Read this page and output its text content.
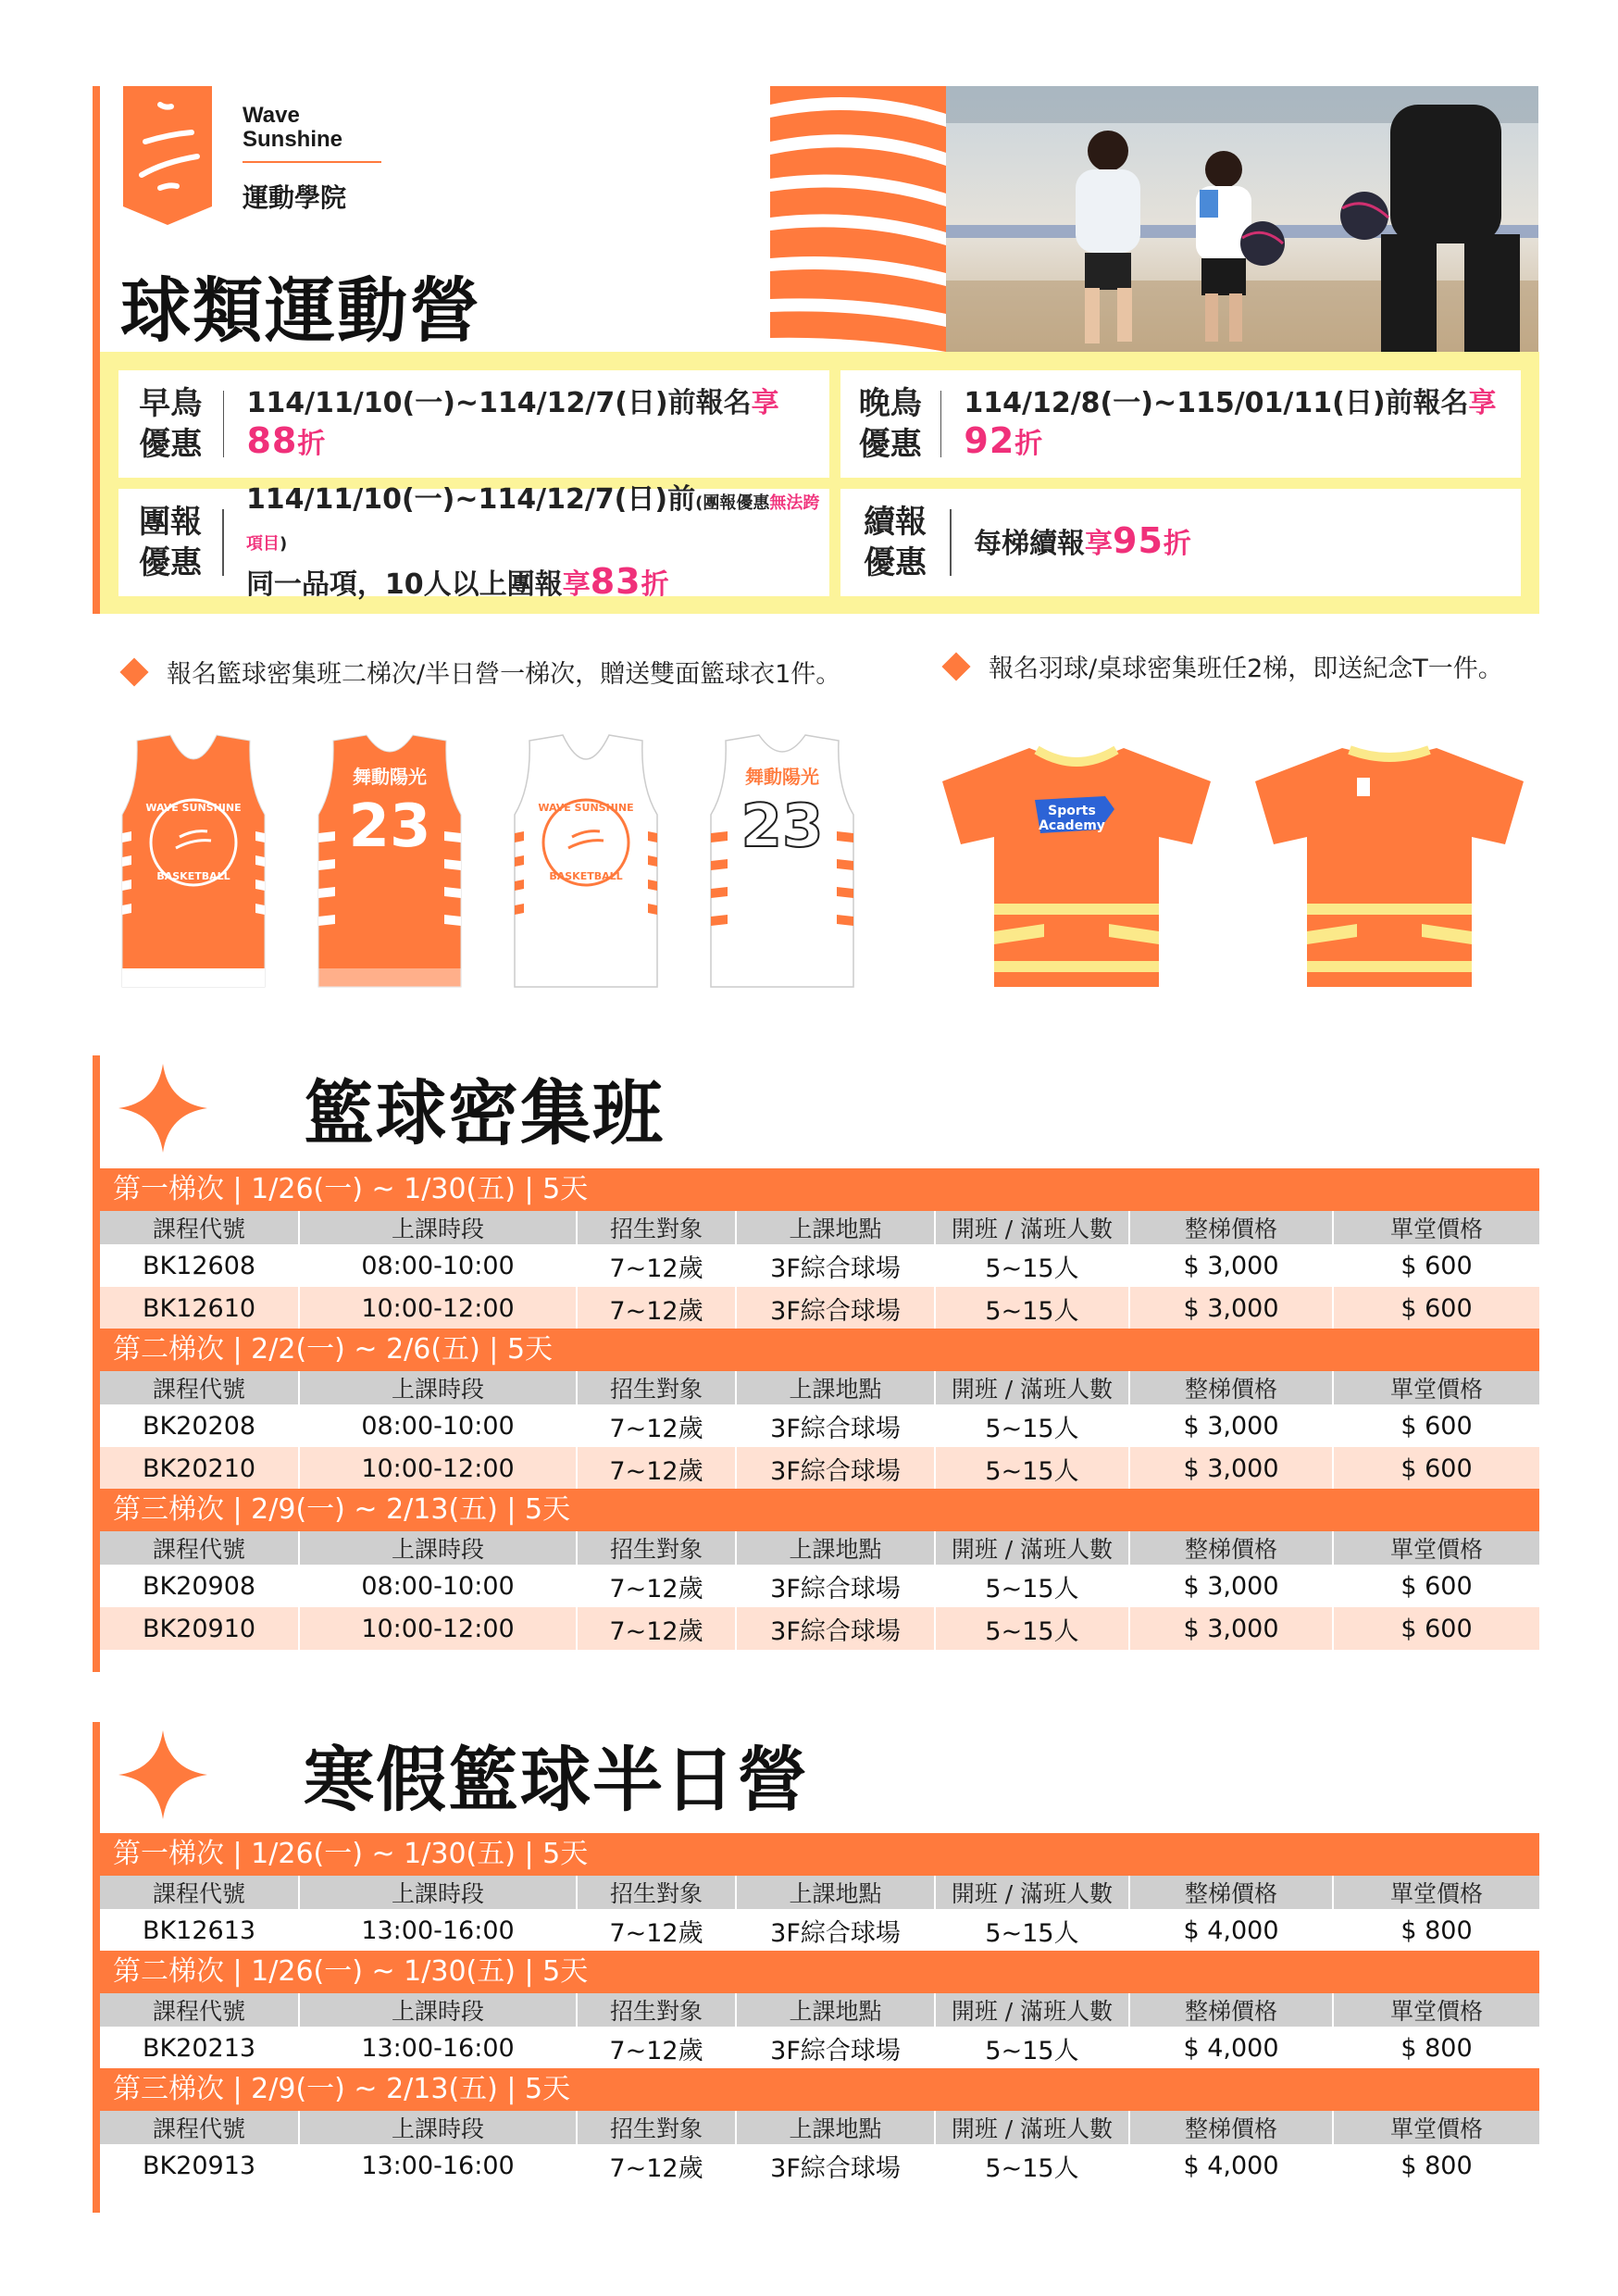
Wave
Sunshine
運動學院
球類運動營
早鳥
優惠
114/11/10(一)~114/12/7(日)前報名享88折
晚鳥
優惠
114/12/8(一)~115/01/11(日)前報名享92折
團報
優惠
114/11/10(一)~114/12/7(日)前(團報優惠無法跨項目)
同一品項，10人以上團報享83折
續報
優惠
每梯續報享95折
報名籃球密集班二梯次/半日營一梯次，贈送雙面籃球衣1件。	報名羽球/桌球密集班任2梯，即送紀念T一件。
WAVE SUNSHINE
BASKETBALL
舞動陽光
23	WAVE SUNSHINE
BASKETBALL
舞動陽光
23	Sports
Academy
籃球密集班
第一梯次 | 1/26(一) ~ 1/30(五) | 5天
課程代號	上課時段	招生對象	上課地點	開班 / 滿班人數	整梯價格	單堂價格
BK12608	08:00-10:00	7~12歲	3F綜合球場	5~15人	$ 3,000	$ 600
BK12610	10:00-12:00	7~12歲	3F綜合球場	5~15人	$ 3,000	$ 600
第二梯次 | 2/2(一) ~ 2/6(五) | 5天
課程代號	上課時段	招生對象	上課地點	開班 / 滿班人數	整梯價格	單堂價格
BK20208	08:00-10:00	7~12歲	3F綜合球場	5~15人	$ 3,000	$ 600
BK20210	10:00-12:00	7~12歲	3F綜合球場	5~15人	$ 3,000	$ 600
第三梯次 | 2/9(一) ~ 2/13(五) | 5天
課程代號	上課時段	招生對象	上課地點	開班 / 滿班人數	整梯價格	單堂價格
BK20908	08:00-10:00	7~12歲	3F綜合球場	5~15人	$ 3,000	$ 600
BK20910	10:00-12:00	7~12歲	3F綜合球場	5~15人	$ 3,000	$ 600
寒假籃球半日營
第一梯次 | 1/26(一) ~ 1/30(五) | 5天
課程代號	上課時段	招生對象	上課地點	開班 / 滿班人數	整梯價格	單堂價格
BK12613	13:00-16:00	7~12歲	3F綜合球場	5~15人	$ 4,000	$ 800
第二梯次 | 1/26(一) ~ 1/30(五) | 5天
課程代號	上課時段	招生對象	上課地點	開班 / 滿班人數	整梯價格	單堂價格
BK20213	13:00-16:00	7~12歲	3F綜合球場	5~15人	$ 4,000	$ 800
第三梯次 | 2/9(一) ~ 2/13(五) | 5天
課程代號	上課時段	招生對象	上課地點	開班 / 滿班人數	整梯價格	單堂價格
BK20913	13:00-16:00	7~12歲	3F綜合球場	5~15人	$ 4,000	$ 800
